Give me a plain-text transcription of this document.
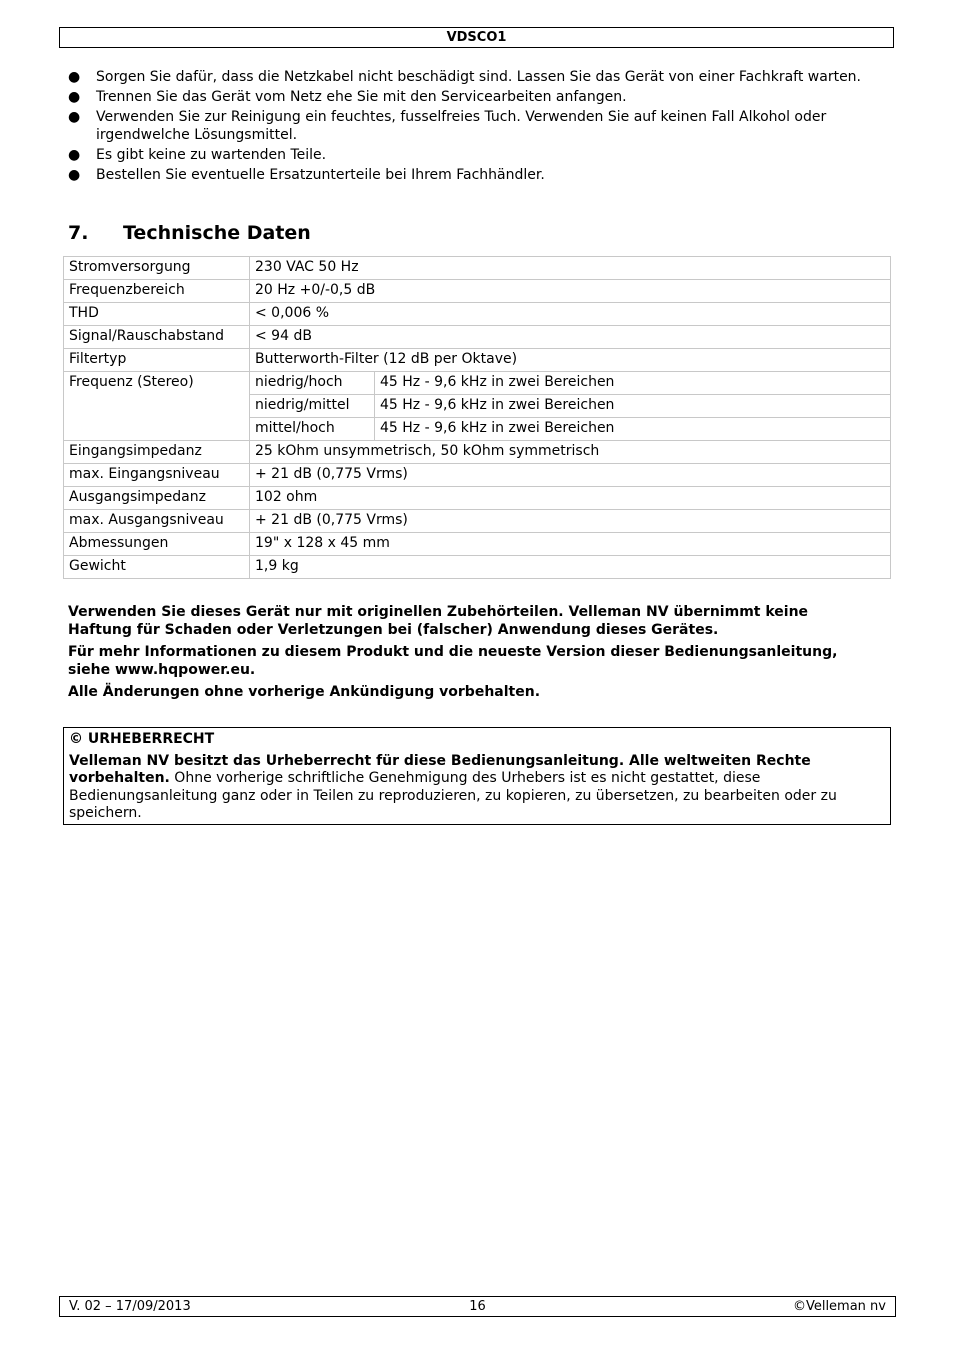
VDSCO1
● Sorgen Sie dafür, dass die Netzkabel nicht beschädigt sind. Lassen Sie das Gerät von einer Fachkraft warten.
● Trennen Sie das Gerät vom Netz ehe Sie mit den Servicearbeiten anfangen.
● Verwenden Sie zur Reinigung ein feuchtes, fusselfreies Tuch. Verwenden Sie auf keinen Fall Alkohol oder irgendwelche Lösungsmittel.
● Es gibt keine zu wartenden Teile.
● Bestellen Sie eventuelle Ersatzunterteile bei Ihrem Fachhändler.
7. Technische Daten
Stromversorgung	230 VAC 50 Hz	
Frequenzbereich	20 Hz +0/-0,5 dB	
THD	< 0,006 %	
Signal/Rauschabstand	< 94 dB	
Filtertyp	Butterworth-Filter (12 dB per Oktave)	
Frequenz (Stereo)	niedrig/hoch	45 Hz - 9,6 kHz in zwei Bereichen
	niedrig/mittel	45 Hz - 9,6 kHz in zwei Bereichen
	mittel/hoch	45 Hz - 9,6 kHz in zwei Bereichen
Eingangsimpedanz	25 kOhm unsymmetrisch, 50 kOhm symmetrisch	
max. Eingangsniveau	+ 21 dB (0,775 Vrms)	
Ausgangsimpedanz	102 ohm	
max. Ausgangsniveau	+ 21 dB (0,775 Vrms)	
Abmessungen	19" x 128 x 45 mm	
Gewicht	1,9 kg	

Verwenden Sie dieses Gerät nur mit originellen Zubehörteilen. Velleman NV übernimmt keine Haftung für Schaden oder Verletzungen bei (falscher) Anwendung dieses Gerätes.

Für mehr Informationen zu diesem Produkt und die neueste Version dieser Bedienungsanleitung, siehe www.hqpower.eu.

Alle Änderungen ohne vorherige Ankündigung vorbehalten.

© URHEBERRECHT
Velleman NV besitzt das Urheberrecht für diese Bedienungsanleitung. Alle weltweiten Rechte vorbehalten. Ohne vorherige schriftliche Genehmigung des Urhebers ist es nicht gestattet, diese Bedienungsanleitung ganz oder in Teilen zu reproduzieren, zu kopieren, zu übersetzen, zu bearbeiten oder zu speichern.
V. 02 – 17/09/2013	16	©Velleman nv
